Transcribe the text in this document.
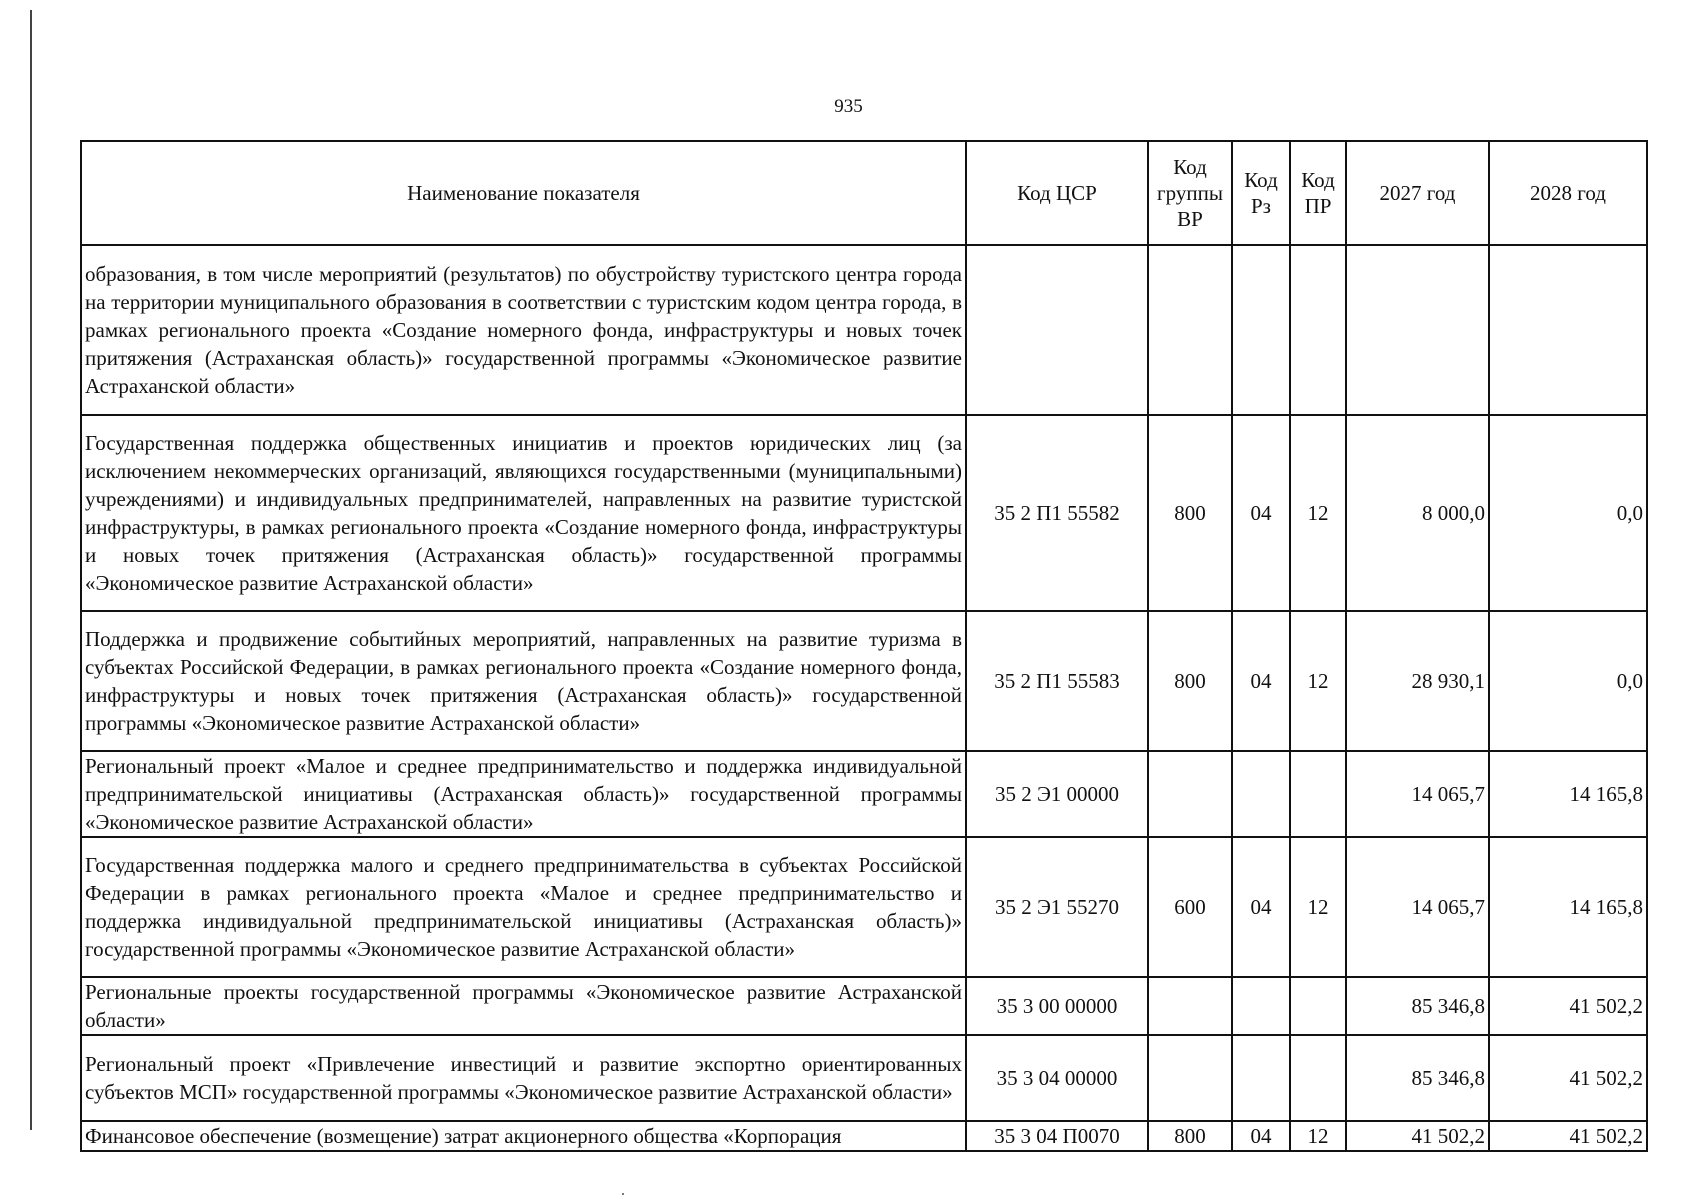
935
Наименование показателя	Код ЦСР	Код группы ВР	Код Рз	Код ПР	2027 год	2028 год
образования, в том числе мероприятий (результатов) по обустройству туристского центра города на территории муниципального образования в соответствии с туристским кодом центра города, в рамках регионального проекта «Создание номерного фонда, инфраструктуры и новых точек притяжения (Астраханская область)» государственной программы «Экономическое развитие Астраханской области»						
Государственная поддержка общественных инициатив и проектов юридических лиц (за исключением некоммерческих организаций, являющихся государственными (муниципальными) учреждениями) и индивидуальных предпринимателей, направленных на развитие туристской инфраструктуры, в рамках регионального проекта «Создание номерного фонда, инфраструктуры и новых точек притяжения (Астраханская область)» государственной программы «Экономическое развитие Астраханской области»	35 2 П1 55582	800	04	12	8 000,0	0,0
Поддержка и продвижение событийных мероприятий, направленных на развитие туризма в субъектах Российской Федерации, в рамках регионального проекта «Создание номерного фонда, инфраструктуры и новых точек притяжения (Астраханская область)» государственной программы «Экономическое развитие Астраханской области»	35 2 П1 55583	800	04	12	28 930,1	0,0
Региональный проект «Малое и среднее предпринимательство и поддержка индивидуальной предпринимательской инициативы (Астраханская область)» государственной программы «Экономическое развитие Астраханской области»	35 2 Э1 00000				14 065,7	14 165,8
Государственная поддержка малого и среднего предпринимательства в субъектах Российской Федерации в рамках регионального проекта «Малое и среднее предпринимательство и поддержка индивидуальной предпринимательской инициативы (Астраханская область)» государственной программы «Экономическое развитие Астраханской области»	35 2 Э1 55270	600	04	12	14 065,7	14 165,8
Региональные проекты государственной программы «Экономическое развитие Астраханской области»	35 3 00 00000				85 346,8	41 502,2
Региональный проект «Привлечение инвестиций и развитие экспортно ориентированных субъектов МСП» государственной программы «Экономическое развитие Астраханской области»	35 3 04 00000				85 346,8	41 502,2
Финансовое обеспечение (возмещение) затрат акционерного общества «Корпорация	35 3 04 П0070	800	04	12	41 502,2	41 502,2
